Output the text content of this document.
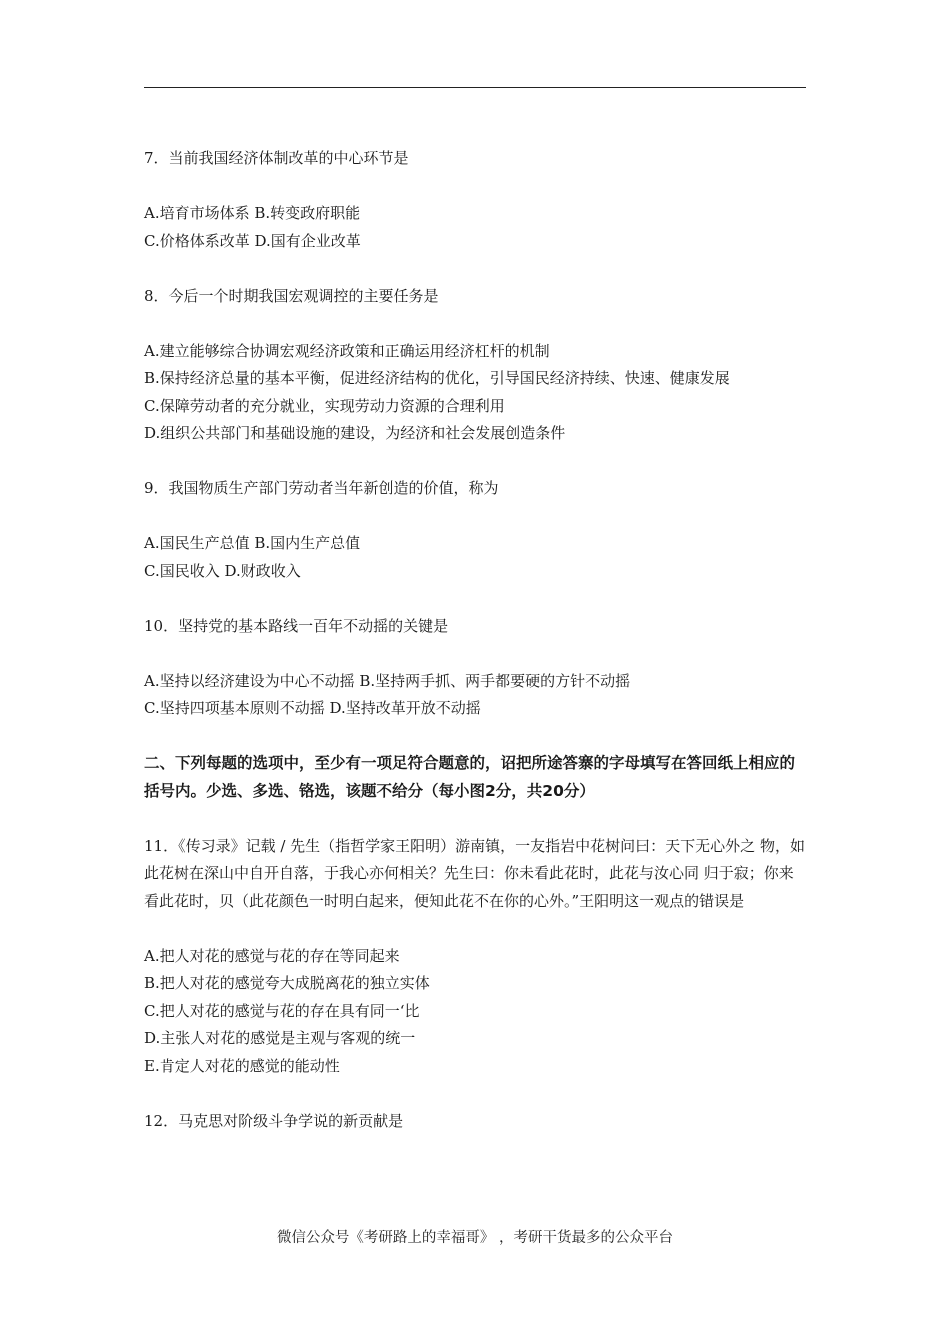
7．当前我国经济体制改革的中心环节是
A.培育市场体系 B.转变政府职能
C.价格体系改革 D.国有企业改革
8．今后一个时期我国宏观调控的主要任务是
A.建立能够综合协调宏观经济政策和正确运用经济杠杆的机制
B.保持经济总量的基本平衡，促进经济结构的优化，引导国民经济持续、快速、健康发展
C.保障劳动者的充分就业，实现劳动力资源的合理利用
D.组织公共部门和基础设施的建设，为经济和社会发展创造条件
9．我国物质生产部门劳动者当年新创造的价值，称为
A.国民生产总值 B.国内生产总值
C.国民收入 D.财政收入
10．坚持党的基本路线一百年不动摇的关键是
A.坚持以经济建设为中心不动摇 B.坚持两手抓、两手都要硬的方针不动摇
C.坚持四项基本原则不动摇 D.坚持改革开放不动摇
二、下列每题的选项中，至少有一项足符合题意的，诏把所途答寨的字母填写在答回纸上相应的括号内。少选、多选、铬选，该题不给分（每小图2分，共20分）
11．《传习录》记载 / 先生（指哲学家王阳明）游南镇，一友指岩中花树问曰：天下无心外之 物，如此花树在深山中自开自落，于我心亦何相关？先生曰：你未看此花时，此花与汝心同 归于寂；你来看此花时，贝（此花颜色一时明白起来，便知此花不在你的心外。”王阳明这一观点的错误是
A.把人对花的感觉与花的存在等同起来
B.把人对花的感觉夸大成脱离花的独立实体
C.把人对花的感觉与花的存在具有同一‘比
D.主张人对花的感觉是主观与客观的统一
E.肯定人对花的感觉的能动性
12．马克思对阶级斗争学说的新贡献是
微信公众号《考研路上的幸福哥》 ，考研干货最多的公众平台
